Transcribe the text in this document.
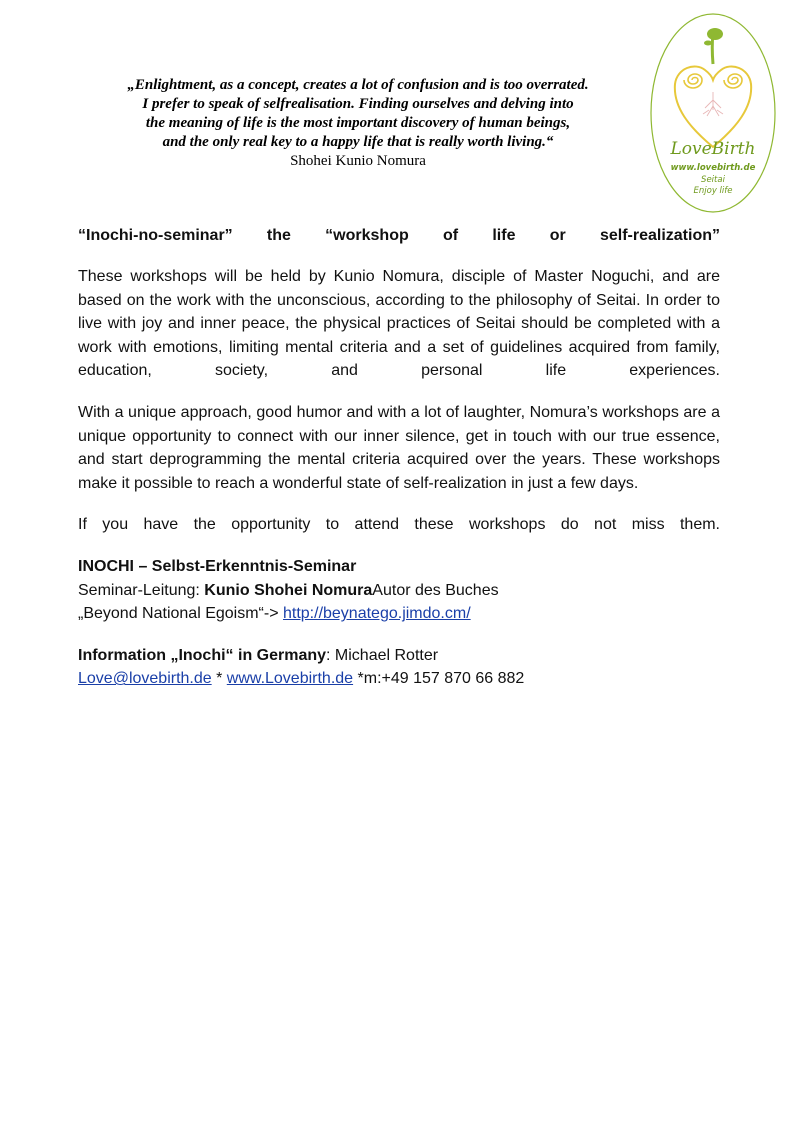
„Enlightment, as a concept, creates a lot of confusion and is too overrated.
I prefer to speak of selfrealisation. Finding ourselves and delving into
the meaning of life is the most important discovery of human beings,
and the only real key to a happy life that is really worth living.“
Shohei Kunio Nomura
LoveBirth
www.lovebirth.de
Seitai
Enjoy life
“Inochi-no-seminar” the “workshop of life or self-realization”
These workshops will be held by Kunio Nomura, disciple of Master Noguchi, and are based on the work with the unconscious, according to the philosophy of Seitai. In order to live with joy and inner peace, the physical practices of Seitai should be completed with a work with emotions, limiting mental criteria and a set of guidelines acquired from family, education, society, and personal life experiences.
With a unique approach, good humor and with a lot of laughter, Nomura’s workshops are a unique opportunity to connect with our inner silence, get in touch with our true essence, and start deprogramming the mental criteria acquired over the years. These workshops make it possible to reach a wonderful state of self-realization in just a few days.
If you have the opportunity to attend these workshops do not miss them.
INOCHI – Selbst-Erkenntnis-Seminar
Seminar-Leitung: Kunio Shohei NomuraAutor des Buches
„Beyond National Egoism“-> http://beynatego.jimdo.cm/
Information „Inochi“ in Germany: Michael Rotter
Love@lovebirth.de * www.Lovebirth.de *m:+49 157 870 66 882
